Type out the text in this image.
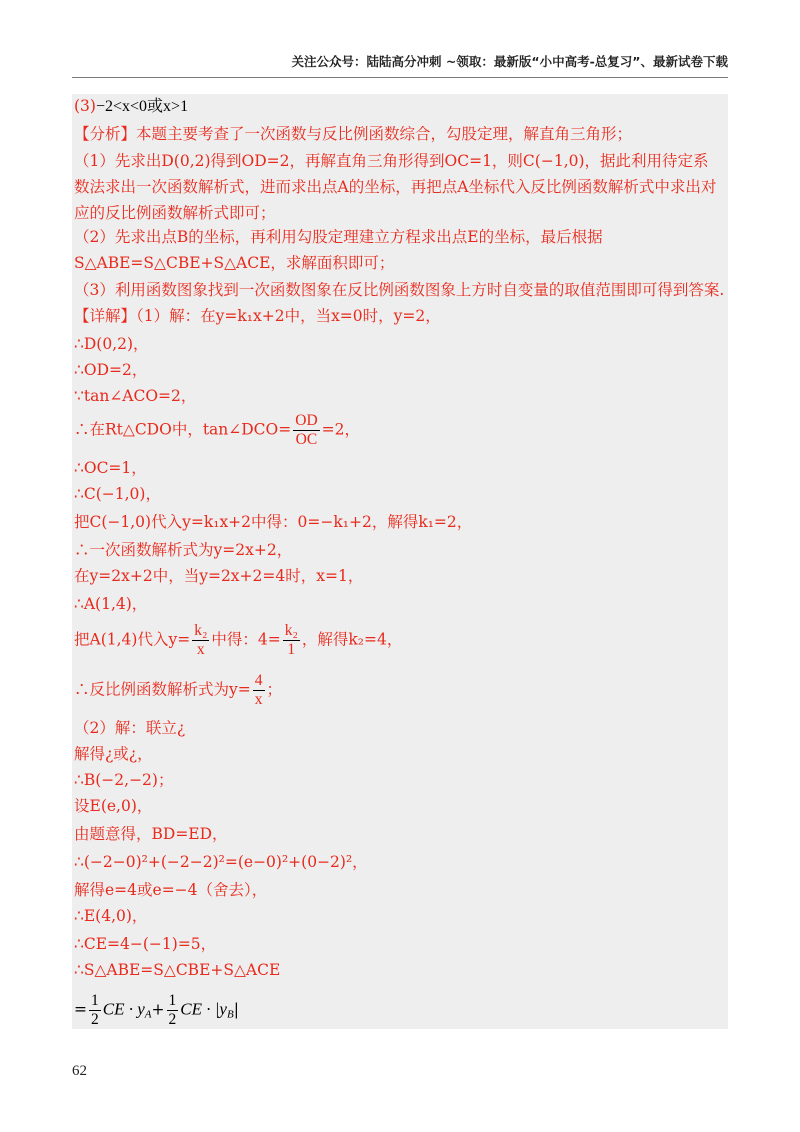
关注公众号：陆陆高分冲刺 ~领取：最新版“小中高考-总复习”、最新试卷下载
(3)−2<x<0或x>1
【分析】本题主要考查了一次函数与反比例函数综合，勾股定理，解直角三角形；
（1）先求出D(0,2)得到OD=2，再解直角三角形得到OC=1，则C(−1,0)，据此利用待定系数法求出一次函数解析式，进而求出点A的坐标，再把点A坐标代入反比例函数解析式中求出对应的反比例函数解析式即可；
（2）先求出点B的坐标，再利用勾股定理建立方程求出点E的坐标，最后根据S△ABE=S△CBE+S△ACE，求解面积即可；
（3）利用函数图象找到一次函数图象在反比例函数图象上方时自变量的取值范围即可得到答案.
【详解】（1）解：在y=k₁x+2中，当x=0时，y=2，
∴D(0,2)，
∴OD=2，
∵tan∠ACO=2，
∴在Rt△CDO中，tan∠DCO= $\frac{OD}{OC} =2$，
∴OC=1，
∴C(−1,0)，
把C(−1,0)代入y=k₁x+2中得：0=−k₁+2，解得k₁=2，
∴一次函数解析式为y=2x+2，
在y=2x+2中，当y=2x+2=4时，x=1，
∴A(1,4)，
把A(1,4)代入$y= \frac{\text{k₂}}{x}$ 中得：$4= \frac{\text{k₂}}{1}$ ，解得k₂=4，
∴反比例函数解析式为$y= \frac{4}{x}$ ；
（2）解：联立¿
解得¿或¿，
∴B(−2,−2)；
设E(e,0)，
由题意得，BD=ED，
∴(−2−0)²+(−2−2)²=(e−0)²+(0−2)²，
解得e=4或e=−4（舍去），
∴E(4,0)，
∴CE=4−(−1)=5，
∴S△ABE=S△CBE+S△ACE
= $\frac{1}{2}$ CE · $y_A+ \frac{1}{2}$ CE · $|y_B|$
62
